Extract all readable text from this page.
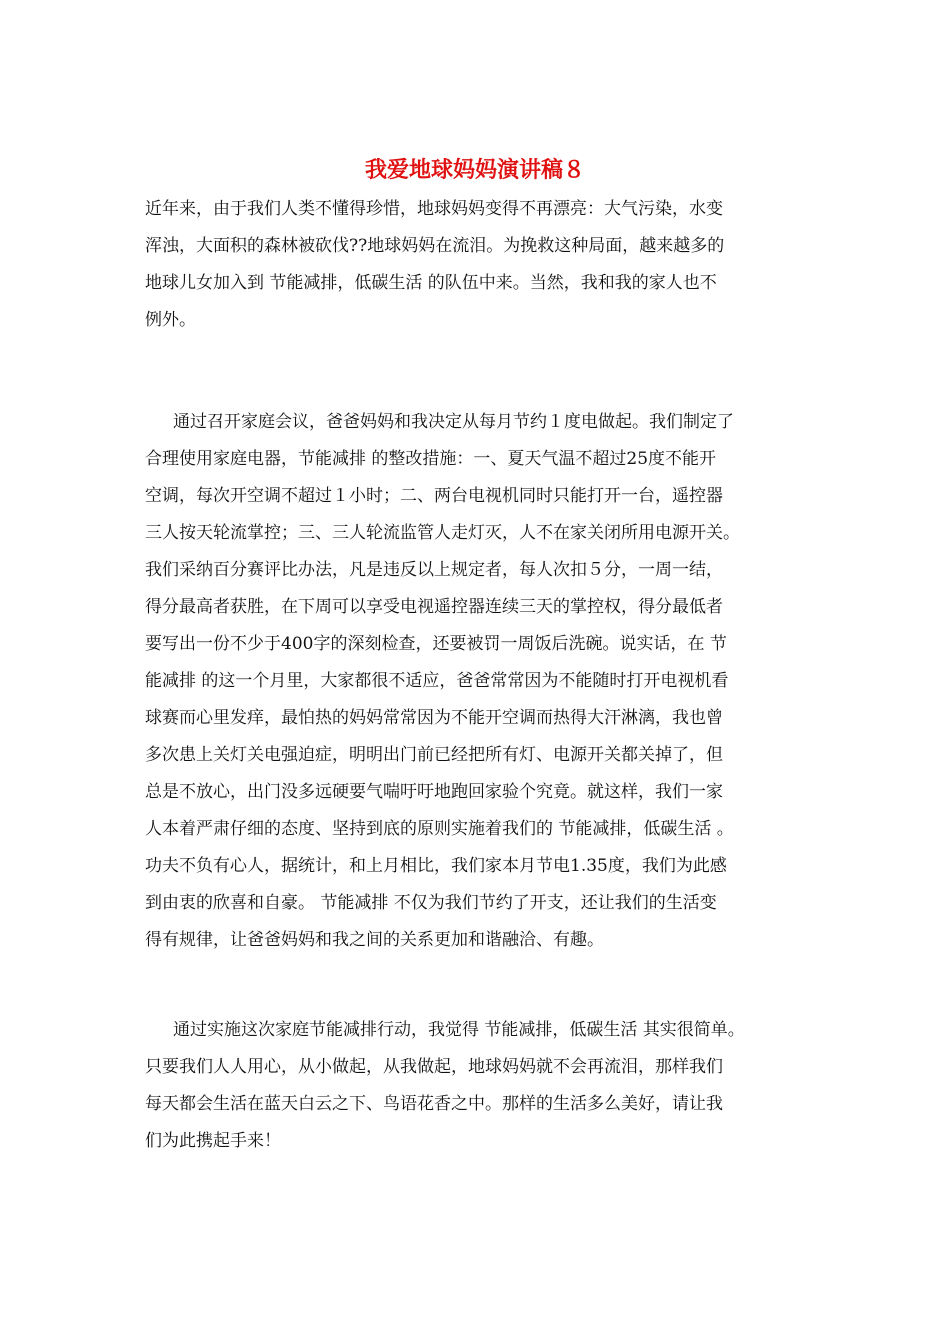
我爱地球妈妈演讲稿８
近年来，由于我们人类不懂得珍惜，地球妈妈变得不再漂亮：大气污染，水变
浑浊，大面积的森林被砍伐??地球妈妈在流泪。为挽救这种局面，越来越多的
地球儿女加入到 节能减排，低碳生活 的队伍中来。当然，我和我的家人也不
例外。
通过召开家庭会议，爸爸妈妈和我决定从每月节约１度电做起。我们制定了
合理使用家庭电器，节能减排 的整改措施：一、夏天气温不超过25度不能开
空调，每次开空调不超过１小时；二、两台电视机同时只能打开一台，遥控器
三人按天轮流掌控；三、三人轮流监管人走灯灭，人不在家关闭所用电源开关。
我们采纳百分赛评比办法，凡是违反以上规定者，每人次扣５分，一周一结，
得分最高者获胜，在下周可以享受电视遥控器连续三天的掌控权，得分最低者
要写出一份不少于400字的深刻检查，还要被罚一周饭后洗碗。说实话，在 节
能减排 的这一个月里，大家都很不适应，爸爸常常因为不能随时打开电视机看
球赛而心里发痒，最怕热的妈妈常常因为不能开空调而热得大汗淋漓，我也曾
多次患上关灯关电强迫症，明明出门前已经把所有灯、电源开关都关掉了，但
总是不放心，出门没多远硬要气喘吁吁地跑回家验个究竟。就这样，我们一家
人本着严肃仔细的态度、坚持到底的原则实施着我们的 节能减排，低碳生活 。
功夫不负有心人，据统计，和上月相比，我们家本月节电1.35度，我们为此感
到由衷的欣喜和自豪。 节能减排 不仅为我们节约了开支，还让我们的生活变
得有规律，让爸爸妈妈和我之间的关系更加和谐融洽、有趣。
通过实施这次家庭节能减排行动，我觉得 节能减排，低碳生活 其实很简单。
只要我们人人用心，从小做起，从我做起，地球妈妈就不会再流泪，那样我们
每天都会生活在蓝天白云之下、鸟语花香之中。那样的生活多么美好，请让我
们为此携起手来！
